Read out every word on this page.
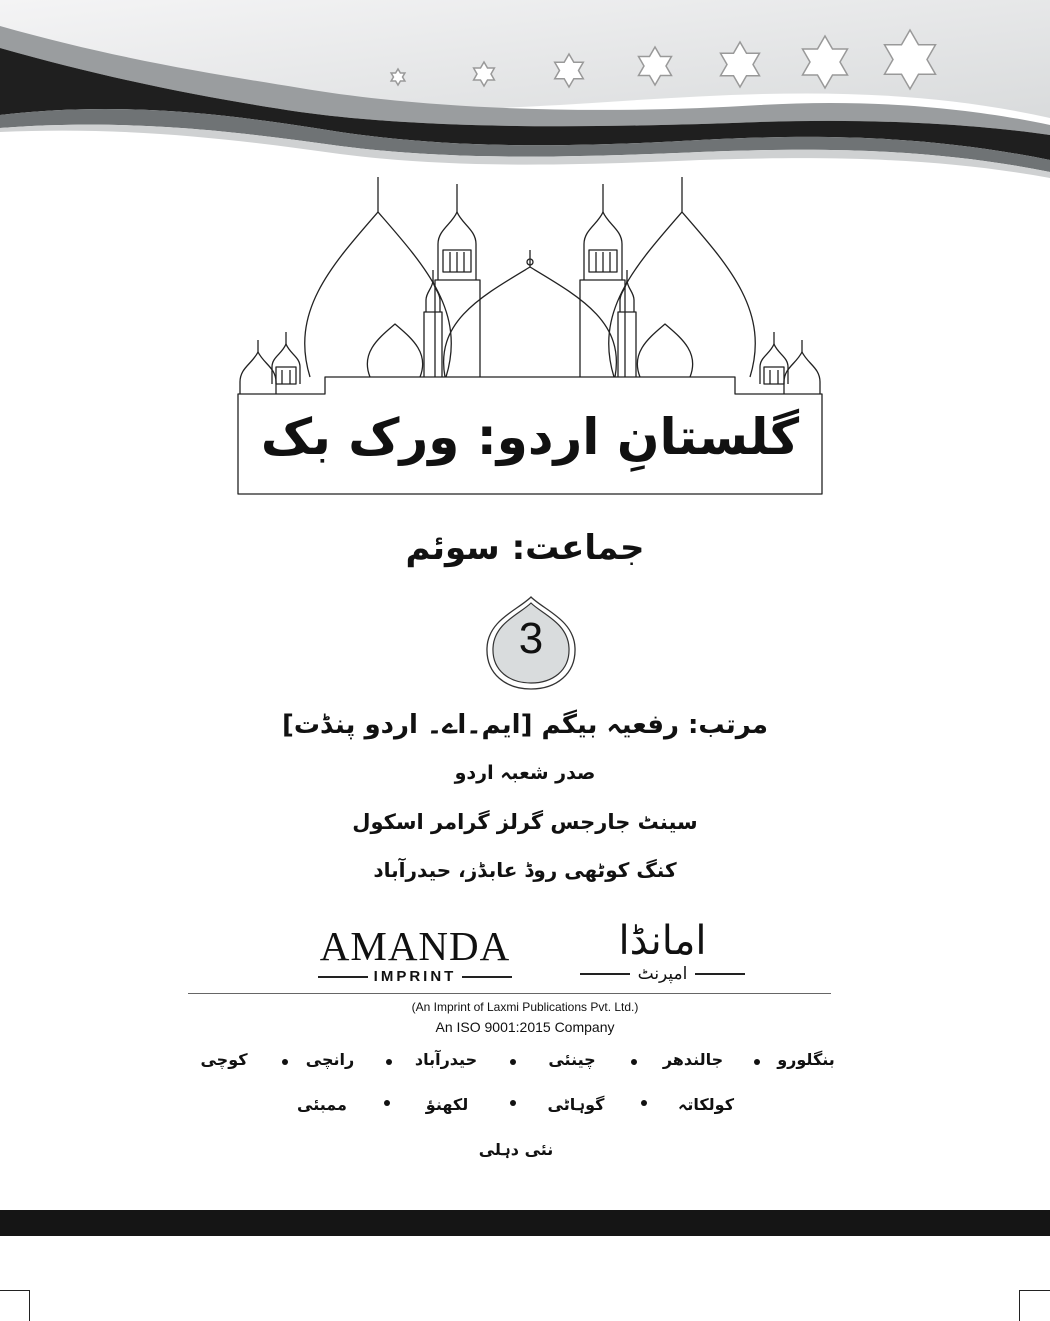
گلستانِ اردو: ورک بک
جماعت: سوئم
3
مرتب: رفعیہ بیگم [ایم۔اے۔ اردو پنڈت]
صدر شعبہ اردو
سینٹ جارجس گرلز گرامر اسکول
کنگ کوٹھی روڈ عابڈز، حیدرآباد
AMANDA
IMPRINT
امانڈا
امپرنٹ
(An Imprint of Laxmi Publications Pvt. Ltd.)
An ISO 9001:2015 Company
بنگلورو
جالندھر
چینئی
حیدرآباد
رانچی
کوچی
کولکاتہ
گوہاٹی
لکھنؤ
ممبئی
نئی دہلی
